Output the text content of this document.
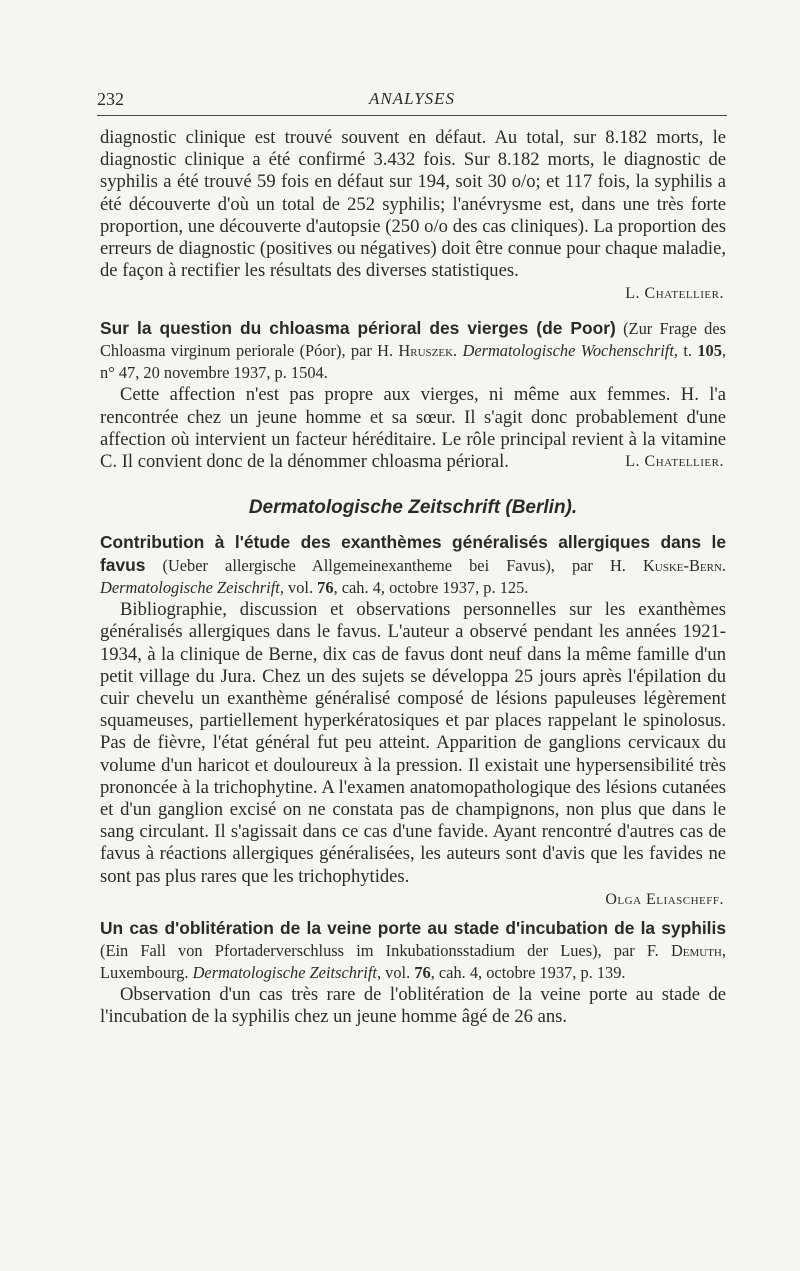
232	ANALYSES

diagnostic clinique est trouvé souvent en défaut. Au total, sur 8.182 morts, le diagnostic clinique a été confirmé 3.432 fois. Sur 8.182 morts, le diagnostic de syphilis a été trouvé 59 fois en défaut sur 194, soit 30 o/o; et 117 fois, la syphilis a été découverte d'où un total de 252 syphilis; l'anévrysme est, dans une très forte proportion, une découverte d'autopsie (250 o/o des cas cliniques). La proportion des erreurs de diagnostic (positives ou négatives) doit être connue pour chaque maladie, de façon à rectifier les résultats des diverses statistiques.

L. Chatellier.

Sur la question du chloasma périoral des vierges (de Poor) (Zur Frage des Chloasma virginum periorale (Póor), par H. Hruszek. Dermatologische Wochenschrift, t. 105, n° 47, 20 novembre 1937, p. 1504.

Cette affection n'est pas propre aux vierges, ni même aux femmes. H. l'a rencontrée chez un jeune homme et sa sœur. Il s'agit donc probablement d'une affection où intervient un facteur héréditaire. Le rôle principal revient à la vitamine C. Il convient donc de la dénommer chloasma périoral.	L. Chatellier.

Dermatologische Zeitschrift (Berlin).

Contribution à l'étude des exanthèmes généralisés allergiques dans le favus (Ueber allergische Allgemeinexantheme bei Favus), par H. Kuske-Bern. Dermatologische Zeischrift, vol. 76, cah. 4, octobre 1937, p. 125.

Bibliographie, discussion et observations personnelles sur les exanthèmes généralisés allergiques dans le favus. L'auteur a observé pendant les années 1921-1934, à la clinique de Berne, dix cas de favus dont neuf dans la même famille d'un petit village du Jura. Chez un des sujets se développa 25 jours après l'épilation du cuir chevelu un exanthème généralisé composé de lésions papuleuses légèrement squameuses, partiellement hyperkératosiques et par places rappelant le spinolosus. Pas de fièvre, l'état général fut peu atteint. Apparition de ganglions cervicaux du volume d'un haricot et douloureux à la pression. Il existait une hypersensibilité très prononcée à la trichophytine. A l'examen anatomopathologique des lésions cutanées et d'un ganglion excisé on ne constata pas de champignons, non plus que dans le sang circulant. Il s'agissait dans ce cas d'une favide. Ayant rencontré d'autres cas de favus à réactions allergiques généralisées, les auteurs sont d'avis que les favides ne sont pas plus rares que les trichophytides.

Olga Eliascheff.

Un cas d'oblitération de la veine porte au stade d'incubation de la syphilis (Ein Fall von Pfortaderverschluss im Inkubationsstadium der Lues), par F. Demuth, Luxembourg. Dermatologische Zeitschrift, vol. 76, cah. 4, octobre 1937, p. 139.

Observation d'un cas très rare de l'oblitération de la veine porte au stade de l'incubation de la syphilis chez un jeune homme âgé de 26 ans.
